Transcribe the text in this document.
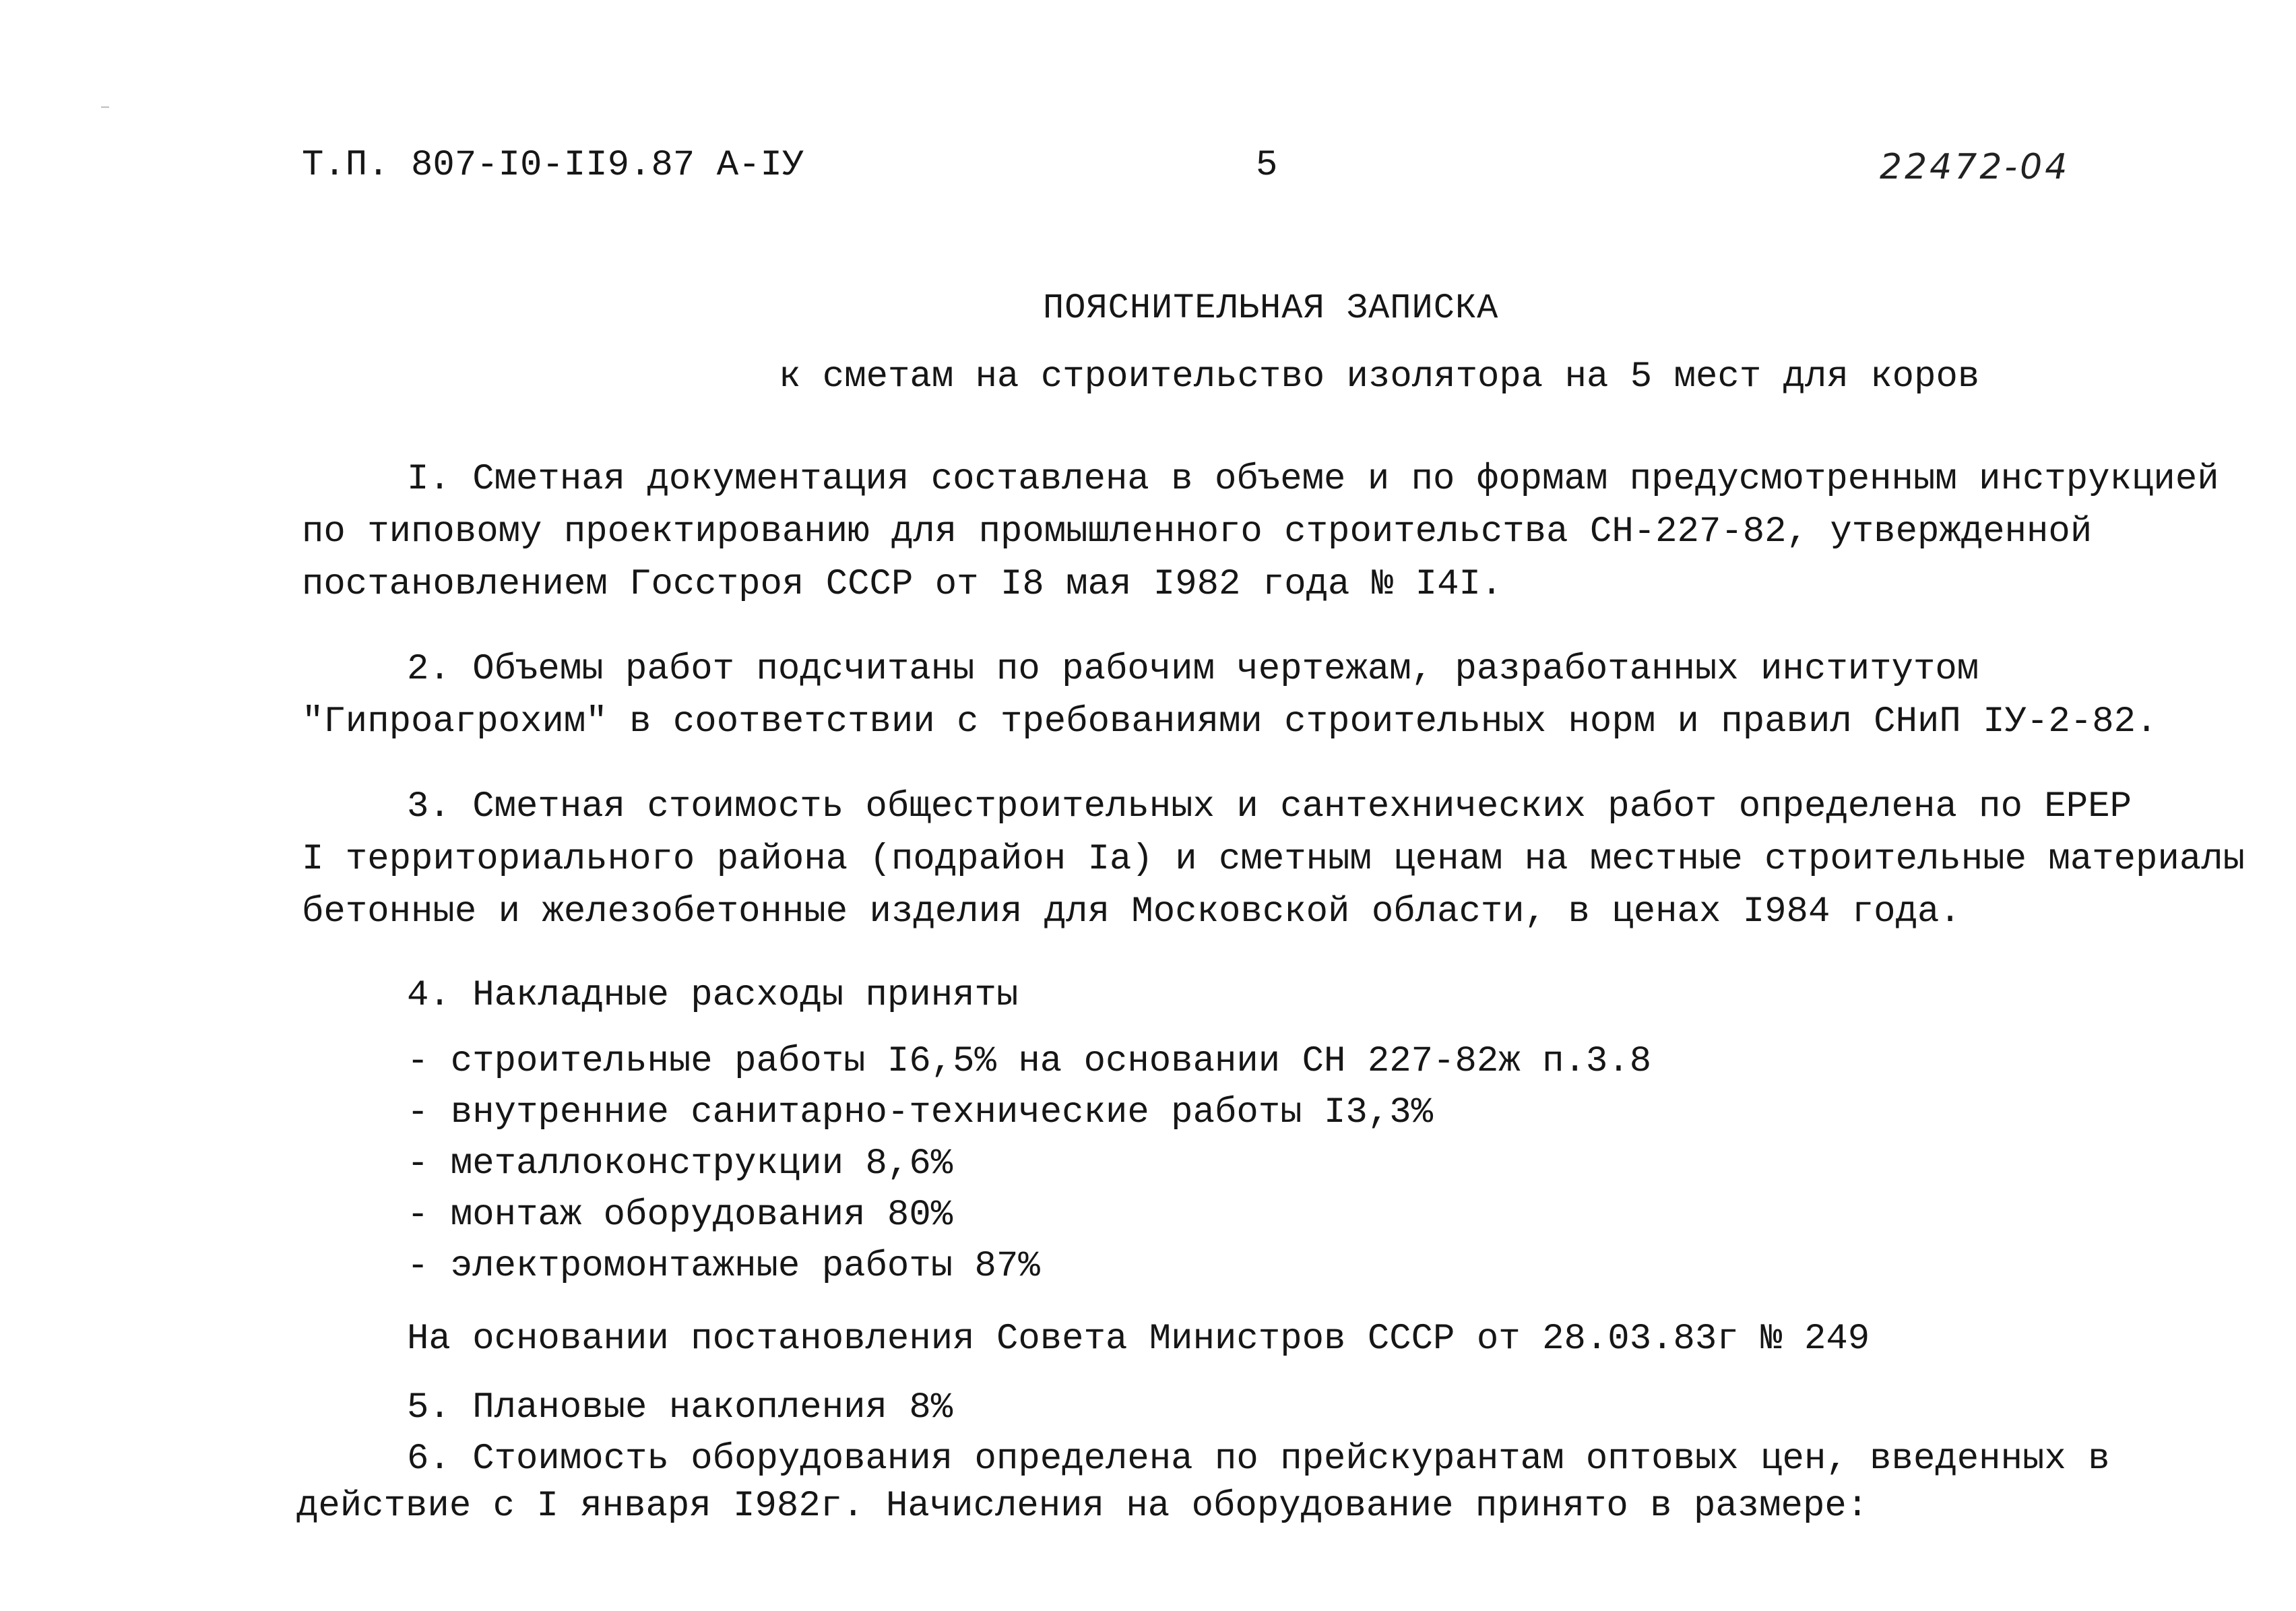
Т.П. 807-I0-II9.87 А-IУ	5	22472-04
ПОЯСНИТЕЛЬНАЯ ЗАПИСКА
к сметам на строительство изолятора на 5 мест для коров
I. Сметная документация составлена в объеме и по формам предусмотренным инструкцией
по типовому проектированию для промышленного строительства СН-227-82, утвержденной
постановлением Госстроя СССР от I8 мая I982 года № I4I.
2. Объемы работ подсчитаны по рабочим чертежам, разработанных институтом
"Гипроагрохим" в соответствии с требованиями строительных норм и правил СНиП IУ-2-82.
3. Сметная стоимость общестроительных и сантехнических работ определена по ЕРЕР
I территориального района (подрайон Iа) и сметным ценам на местные строительные материалы
бетонные и железобетонные изделия для Московской области, в ценах I984 года.
4. Накладные расходы приняты
- строительные работы I6,5% на основании СН 227-82ж п.3.8
- внутренние санитарно-технические работы I3,3%
- металлоконструкции 8,6%
- монтаж оборудования 80%
- электромонтажные работы 87%
На основании постановления Совета Министров СССР от 28.03.83г № 249
5. Плановые накопления 8%
6. Стоимость оборудования определена по прейскурантам оптовых цен, введенных в
действие с I января I982г. Начисления на оборудование принято в размере:
